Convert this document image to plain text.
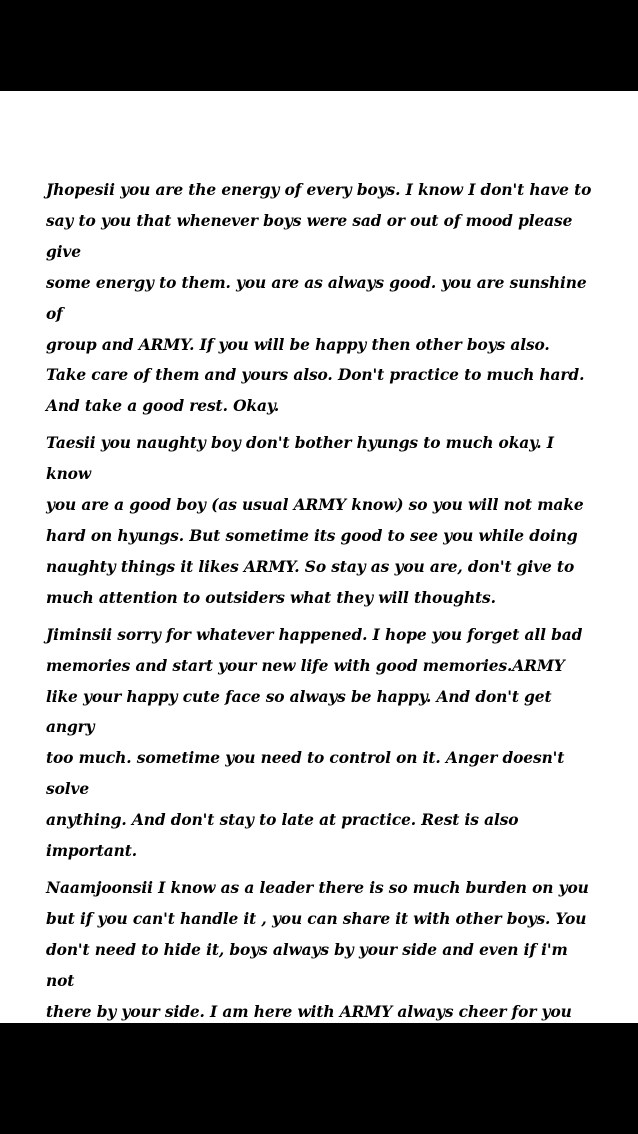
Jhopesii you are the energy of every boys. I know I don't have to
say to you that whenever boys were sad or out of mood please give
some energy to them. you are as always good. you are sunshine of
group and ARMY. If you will be happy then other boys also.
Take care of them and yours also. Don't practice to much hard.
And take a good rest. Okay.

Taesii you naughty boy don't bother hyungs to much okay. I know
you are a good boy (as usual ARMY know) so you will not make
hard on hyungs. But sometime its good to see you while doing
naughty things it likes ARMY. So stay as you are, don't give to
much attention to outsiders what they will thoughts.

Jiminsii sorry for whatever happened. I hope you forget all bad
memories and start your new life with good memories.ARMY
like your happy cute face so always be happy. And don't get angry
too much. sometime you need to control on it. Anger doesn't solve
anything. And don't stay to late at practice. Rest is also
important.

Naamjoonsii I know as a leader there is so much burden on you
but if you can't handle it , you can share it with other boys. You
don't need to hide it, boys always by your side and even if i'm not
there by your side. I am here with ARMY always cheer for you
